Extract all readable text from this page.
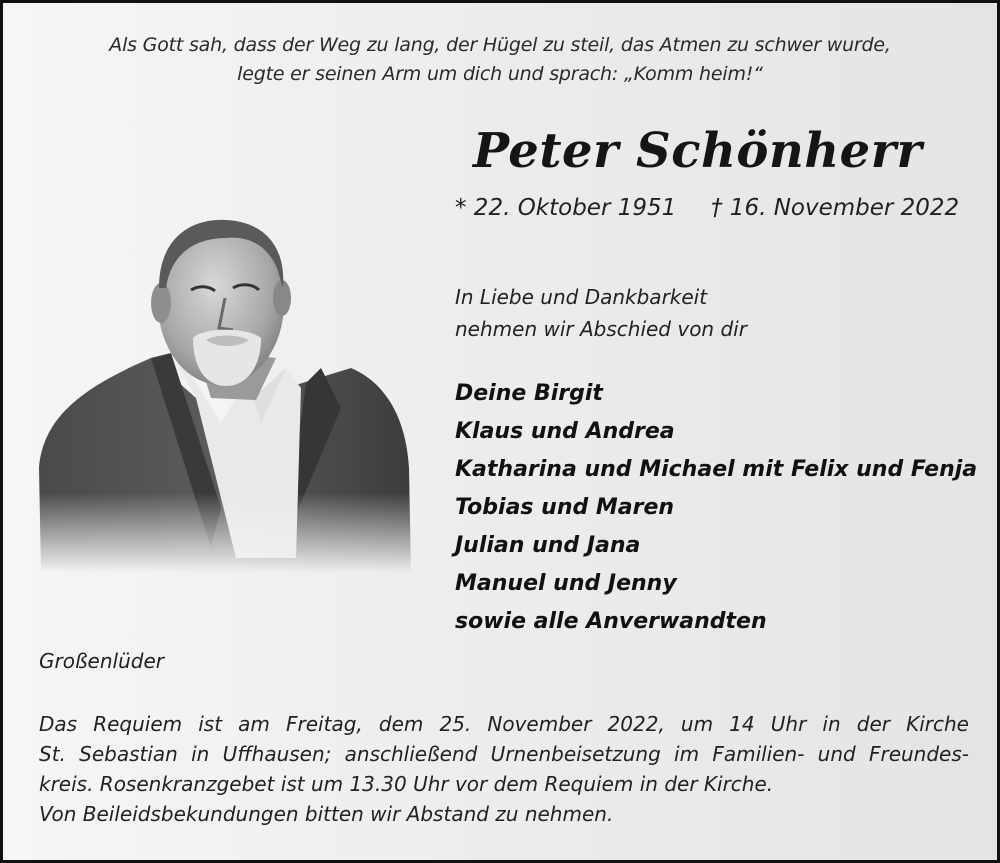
Als Gott sah, dass der Weg zu lang, der Hügel zu steil, das Atmen zu schwer wurde,
legte er seinen Arm um dich und sprach: „Komm heim!“
Peter Schönherr
* 22. Oktober 1951 † 16. November 2022
In Liebe und Dankbarkeit
nehmen wir Abschied von dir
Deine Birgit
Klaus und Andrea
Katharina und Michael mit Felix und Fenja
Tobias und Maren
Julian und Jana
Manuel und Jenny
sowie alle Anverwandten
Großenlüder

Das Requiem ist am Freitag, dem 25. November 2022, um 14 Uhr in der Kirche

St. Sebastian in Uffhausen; anschließend Urnenbeisetzung im Familien- und Freundes-

kreis. Rosenkranzgebet ist um 13.30 Uhr vor dem Requiem in der Kirche.

Von Beileidsbekundungen bitten wir Abstand zu nehmen.
